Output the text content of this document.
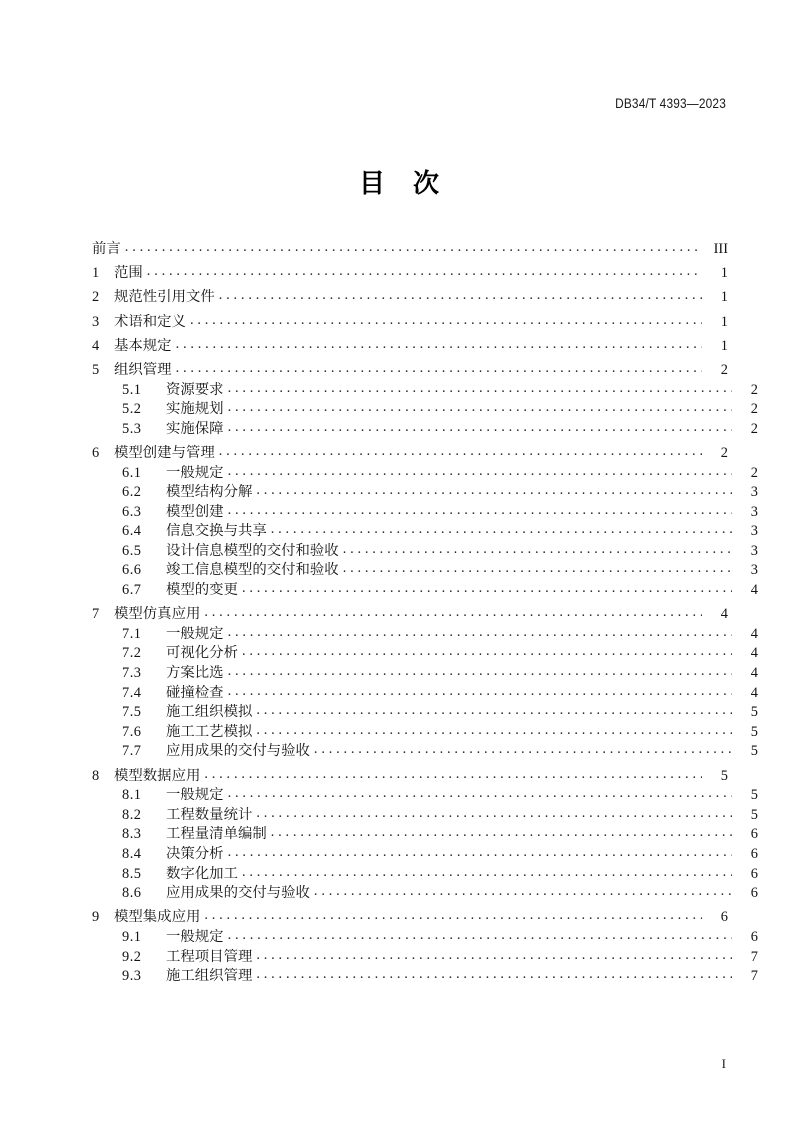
DB34/T 4393—2023
目 次
前言 . . .	III
1	范围 . . .	1
2	规范性引用文件 . . .	1
3	术语和定义 . . .	1
4	基本规定 . . .	1
5	组织管理 . . .	2
5.1	资源要求 . . .	2
5.2	实施规划 . . .	2
5.3	实施保障 . . .	2
6	模型创建与管理 . . .	2
6.1	一般规定 . . .	2
6.2	模型结构分解 . . .	3
6.3	模型创建 . . .	3
6.4	信息交换与共享 . . .	3
6.5	设计信息模型的交付和验收 . . .	3
6.6	竣工信息模型的交付和验收 . . .	3
6.7	模型的变更 . . .	4
7	模型仿真应用 . . .	4
7.1	一般规定 . . .	4
7.2	可视化分析 . . .	4
7.3	方案比选 . . .	4
7.4	碰撞检查 . . .	4
7.5	施工组织模拟 . . .	5
7.6	施工工艺模拟 . . .	5
7.7	应用成果的交付与验收 . . .	5
8	模型数据应用 . . .	5
8.1	一般规定 . . .	5
8.2	工程数量统计 . . .	5
8.3	工程量清单编制 . . .	6
8.4	决策分析 . . .	6
8.5	数字化加工 . . .	6
8.6	应用成果的交付与验收 . . .	6
9	模型集成应用 . . .	6
9.1	一般规定 . . .	6
9.2	工程项目管理 . . .	7
9.3	施工组织管理 . . .	7
I
